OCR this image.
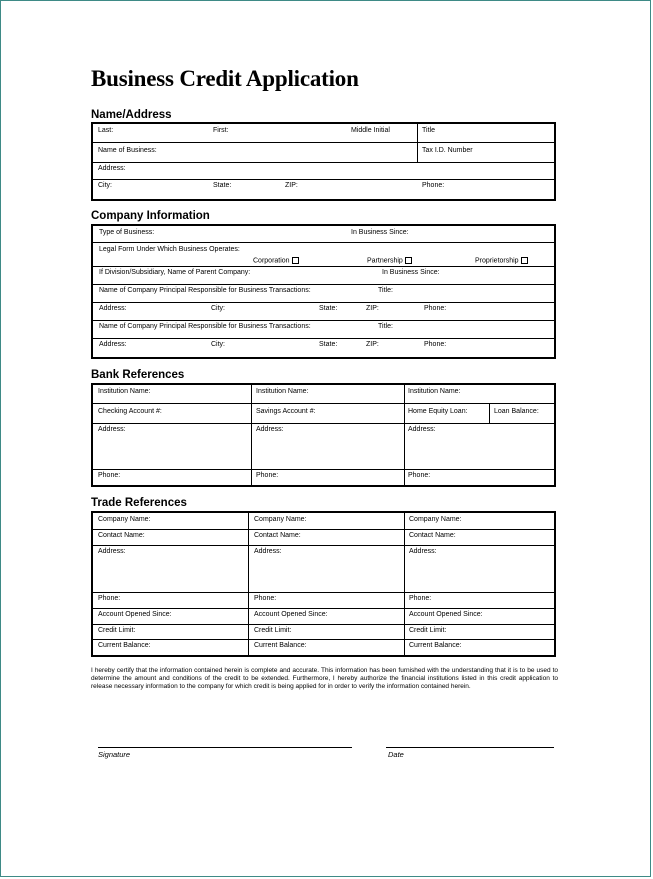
Business Credit Application
Name/Address
Last:	First:	Middle Initial	Title
Name of Business:	Tax I.D. Number
Address:
City:	State:	ZIP:	Phone:
Company Information
Type of Business:	In Business Since:
Legal Form Under Which Business Operates:
Corporation	Partnership	Proprietorship
If Division/Subsidiary, Name of Parent Company:	In Business Since:
Name of Company Principal Responsible for Business Transactions:	Title:
Address:	City:	State:	ZIP:	Phone:
Name of Company Principal Responsible for Business Transactions:	Title:
Address:	City:	State:	ZIP:	Phone:
Bank References
Institution Name:	Institution Name:	Institution Name:
Checking Account #:	Savings Account #:	Home Equity Loan:	Loan Balance:
Address:	Address:	Address:
Phone:	Phone:	Phone:
Trade References
Company Name:	Company Name:	Company Name:
Contact Name:	Contact Name:	Contact Name:
Address:	Address:	Address:
Phone:	Phone:	Phone:
Account Opened Since:	Account Opened Since:	Account Opened Since:
Credit Limit:	Credit Limit:	Credit Limit:
Current Balance:	Current Balance:	Current Balance:
I hereby certify that the information contained herein is complete and accurate. This information has been furnished with the understanding that it is to be used to determine the amount and conditions of the credit to be extended. Furthermore, I hereby authorize the financial institutions listed in this credit application to release necessary information to the company for which credit is being applied for in order to verify the information contained herein.
Signature	Date
